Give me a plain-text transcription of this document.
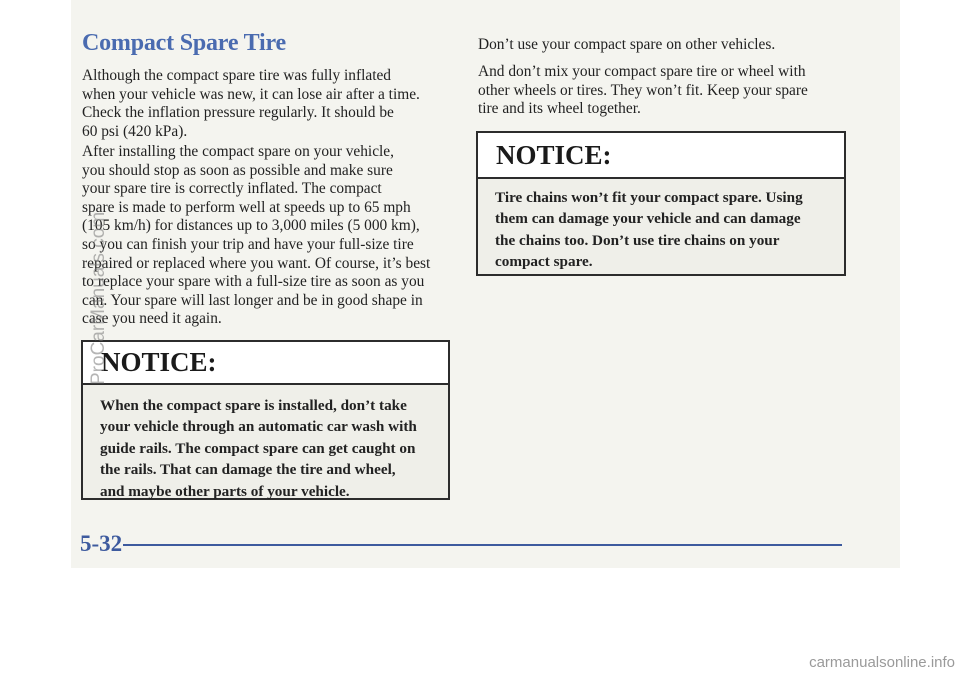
Compact Spare Tire

Although the compact spare tire was fully inflated
when your vehicle was new, it can lose air after a time.
Check the inflation pressure regularly. It should be
60 psi (420 kPa).

After installing the compact spare on your vehicle,
you should stop as soon as possible and make sure
your spare tire is correctly inflated. The compact
spare is made to perform well at speeds up to 65 mph
(105 km/h) for distances up to 3,000 miles (5 000 km),
so you can finish your trip and have your full-size tire
repaired or replaced where you want. Of course, it’s best
to replace your spare with a full-size tire as soon as you
can. Your spare will last longer and be in good shape in
case you need it again.

NOTICE:
When the compact spare is installed, don’t take
your vehicle through an automatic car wash with
guide rails. The compact spare can get caught on
the rails. That can damage the tire and wheel,
and maybe other parts of your vehicle.

Don’t use your compact spare on other vehicles.

And don’t mix your compact spare tire or wheel with
other wheels or tires. They won’t fit. Keep your spare
tire and its wheel together.

NOTICE:
Tire chains won’t fit your compact spare. Using
them can damage your vehicle and can damage
the chains too. Don’t use tire chains on your
compact spare.
5-32
ProCarManuals.com
carmanualsonline.info
